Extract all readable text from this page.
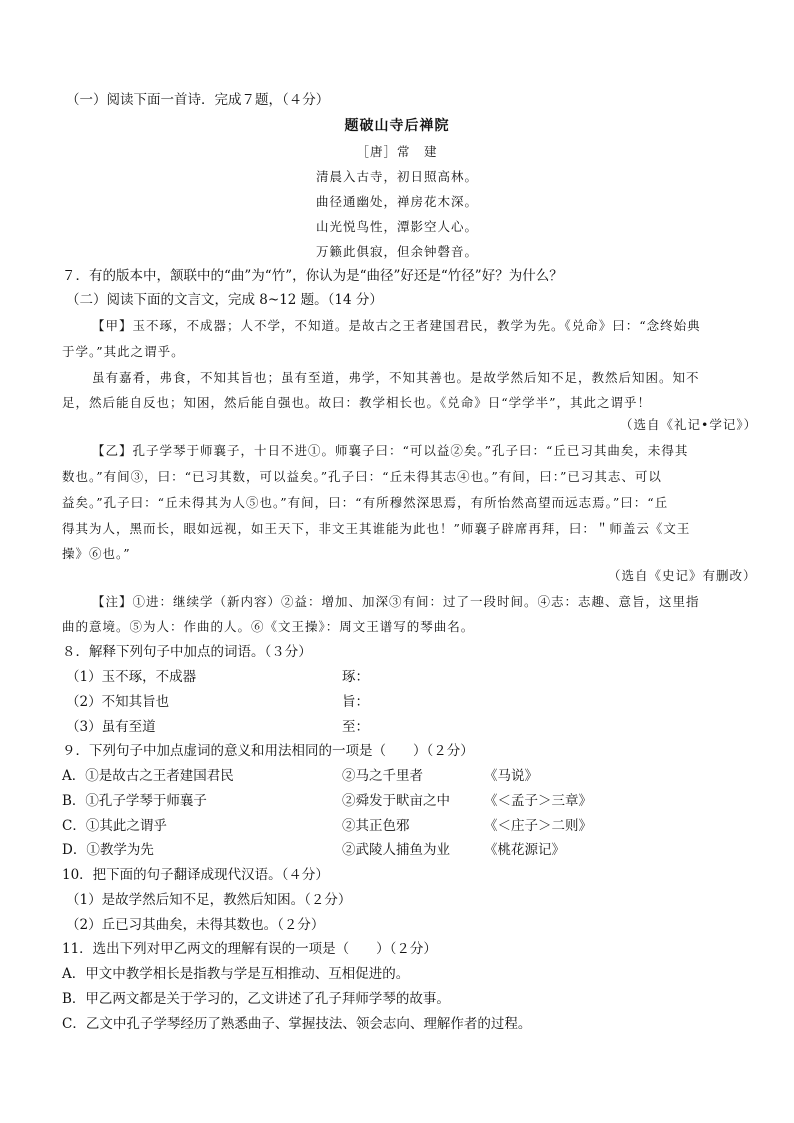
（一）阅读下面一首诗．完成７题，（４分）
题破山寺后禅院
［唐］常　建
清晨入古寺，初日照高林。
曲径通幽处，禅房花木深。
山光悦鸟性，潭影空人心。
万籁此俱寂，但余钟磬音。
７．有的版本中，颔联中的“曲”为“竹”，你认为是“曲径”好还是“竹径”好？为什么？
（二）阅读下面的文言文，完成 8~12 题。（14 分）
【甲】玉不琢，不成器；人不学，不知道。是故古之王者建国君民，教学为先。《兑命》曰：“念终始典
于学。”其此之谓乎。
虽有嘉肴，弗食，不知其旨也；虽有至道，弗学，不知其善也。是故学然后知不足，教然后知困。知不
足，然后能自反也；知困，然后能自强也。故曰：教学相长也。《兑命》日“学学半”，其此之谓乎！
（选自《礼记•学记》）
【乙】孔子学琴于师襄子，十日不进①。师襄子曰：“可以益②矣。”孔子曰：“丘已习其曲矣，未得其
数也。”有间③，曰：“已习其数，可以益矣。”孔子曰：“丘未得其志④也。”有间，曰：”已习其志、可以
益矣。”孔子曰：“丘未得其为人⑤也。”有间，曰：“有所穆然深思焉，有所怡然高望而远志焉。”曰：“丘
得其为人，黑而长，眼如远视，如王天下，非文王其谁能为此也！”师襄子辟席再拜，曰：＂师盖云《文王
操》⑥也。”
（选自《史记》有删改）
【注】①进：继续学（新内容）②益：增加、加深③有间：过了一段时间。④志：志趣、意旨，这里指
曲的意境。⑤为人：作曲的人。⑥《文王操》：周文王谱写的琴曲名。
８．解释下列句子中加点的词语。（３分）
（1）玉不琢，不成器	琢：
（2）不知其旨也	旨：
（3）虽有至道	至：
９．下列句子中加点虚词的意义和用法相同的一项是（　　）（２分）
A．①是故古之王者建国君民	②马之千里者	《马说》
B．①孔子学琴于师襄子	②舜发于畎亩之中	《＜孟子＞三章》
C．①其此之谓乎	②其正色邪	《＜庄子＞二则》
D．①教学为先	②武陵人捕鱼为业	《桃花源记》
10．把下面的句子翻译成现代汉语。（４分）
（1）是故学然后知不足，教然后知困。（２分）
（2）丘已习其曲矣，未得其数也。（２分）
11．选出下列对甲乙两文的理解有误的一项是（　　）（２分）
A．甲文中教学相长是指教与学是互相推动、互相促进的。
B．甲乙两文都是关于学习的，乙文讲述了孔子拜师学琴的故事。
C．乙文中孔子学琴经历了熟悉曲子、掌握技法、领会志向、理解作者的过程。
